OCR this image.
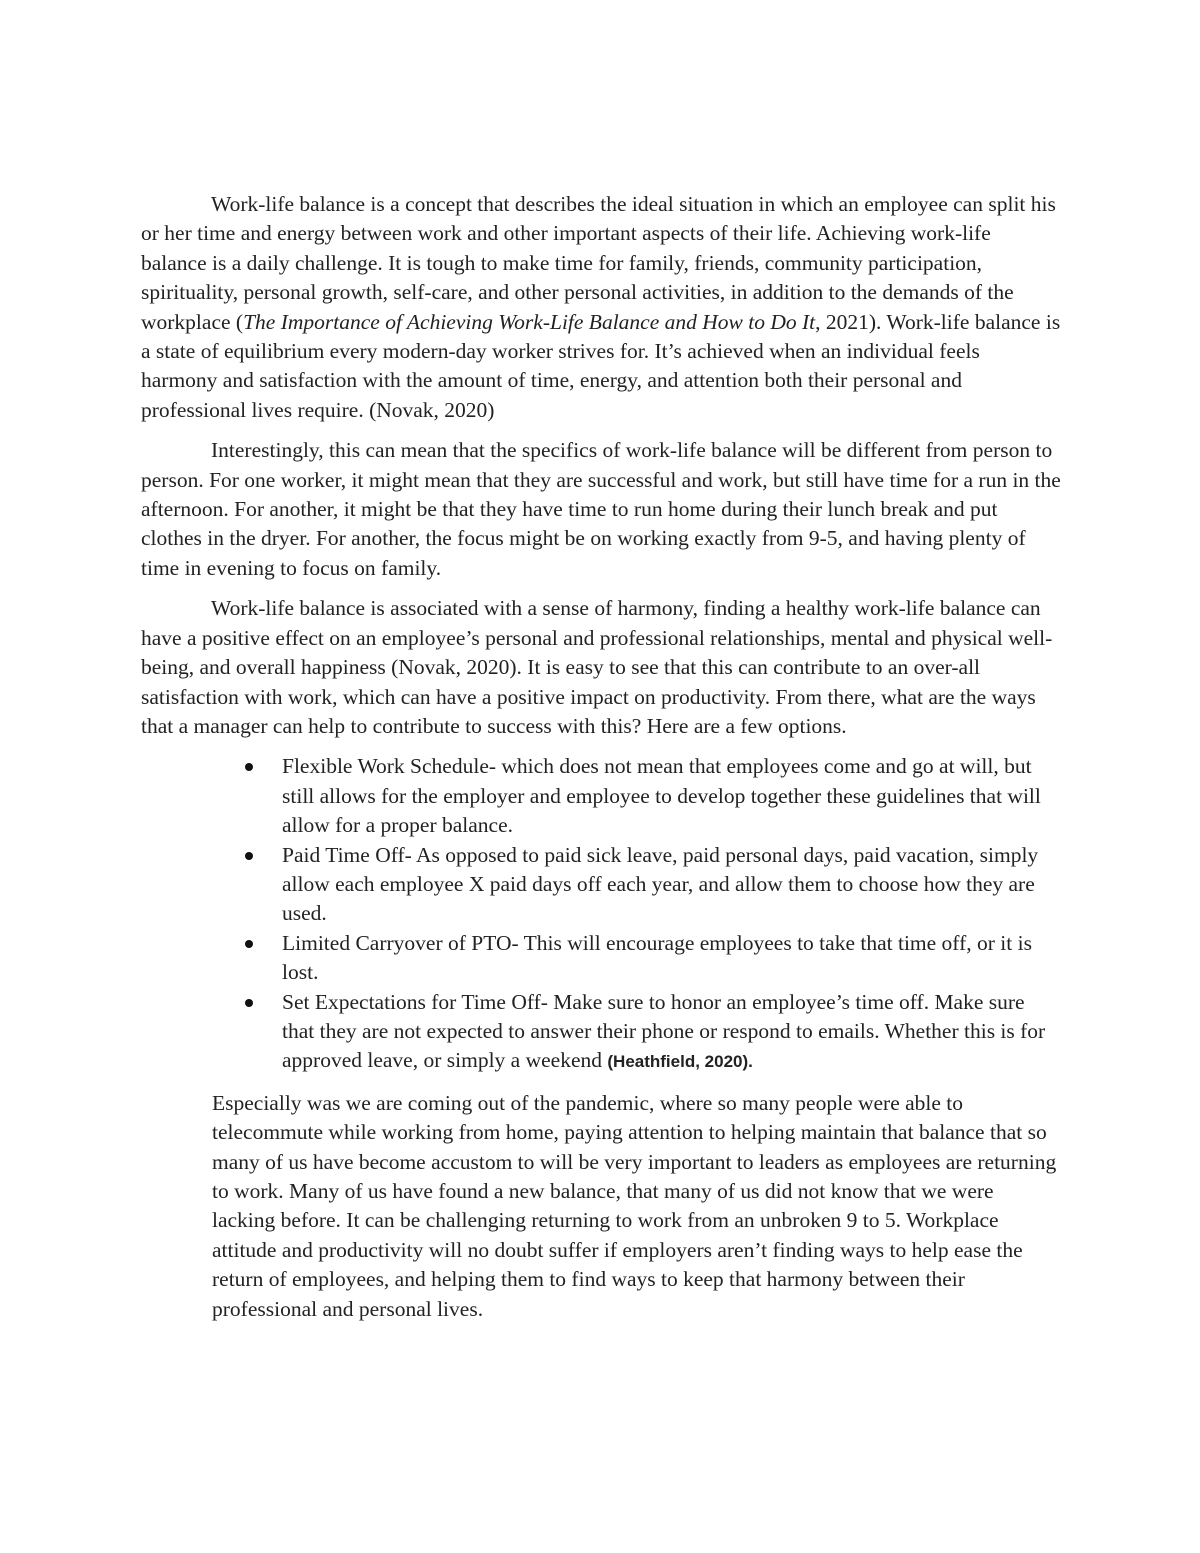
Work-life balance is a concept that describes the ideal situation in which an employee can split his or her time and energy between work and other important aspects of their life. Achieving work-life balance is a daily challenge. It is tough to make time for family, friends, community participation, spirituality, personal growth, self-care, and other personal activities, in addition to the demands of the workplace (The Importance of Achieving Work-Life Balance and How to Do It, 2021). Work-life balance is a state of equilibrium every modern-day worker strives for. It’s achieved when an individual feels harmony and satisfaction with the amount of time, energy, and attention both their personal and professional lives require. (Novak, 2020)

Interestingly, this can mean that the specifics of work-life balance will be different from person to person. For one worker, it might mean that they are successful and work, but still have time for a run in the afternoon. For another, it might be that they have time to run home during their lunch break and put clothes in the dryer. For another, the focus might be on working exactly from 9-5, and having plenty of time in evening to focus on family.

Work-life balance is associated with a sense of harmony, finding a healthy work-life balance can have a positive effect on an employee’s personal and professional relationships, mental and physical well-being, and overall happiness (Novak, 2020). It is easy to see that this can contribute to an over-all satisfaction with work, which can have a positive impact on productivity. From there, what are the ways that a manager can help to contribute to success with this? Here are a few options.

Flexible Work Schedule- which does not mean that employees come and go at will, but still allows for the employer and employee to develop together these guidelines that will allow for a proper balance.
Paid Time Off- As opposed to paid sick leave, paid personal days, paid vacation, simply allow each employee X paid days off each year, and allow them to choose how they are used.
Limited Carryover of PTO- This will encourage employees to take that time off, or it is lost.
Set Expectations for Time Off- Make sure to honor an employee’s time off. Make sure that they are not expected to answer their phone or respond to emails. Whether this is for approved leave, or simply a weekend (Heathfield, 2020).

Especially was we are coming out of the pandemic, where so many people were able to telecommute while working from home, paying attention to helping maintain that balance that so many of us have become accustom to will be very important to leaders as employees are returning to work. Many of us have found a new balance, that many of us did not know that we were lacking before. It can be challenging returning to work from an unbroken 9 to 5. Workplace attitude and productivity will no doubt suffer if employers aren’t finding ways to help ease the return of employees, and helping them to find ways to keep that harmony between their professional and personal lives.
